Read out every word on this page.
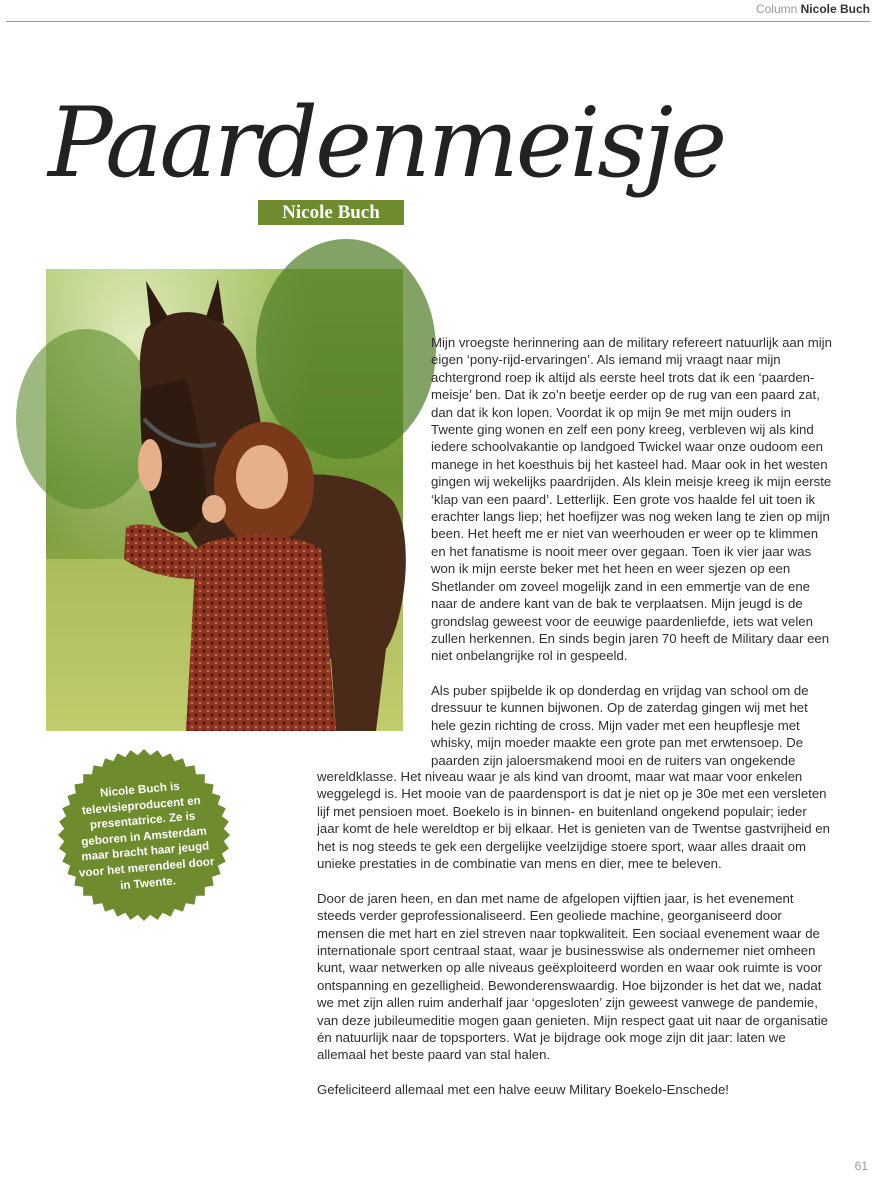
Column Nicole Buch
Paardenmeisje
Nicole Buch

Mijn vroegste herinnering aan de military refereert natuurlijk aan mijn eigen ‘pony-rijd-ervaringen’. Als iemand mij vraagt naar mijn achtergrond roep ik altijd als eerste heel trots dat ik een ‘paarden-meisje’ ben. Dat ik zo’n beetje eerder op de rug van een paard zat, dan dat ik kon lopen. Voordat ik op mijn 9e met mijn ouders in Twente ging wonen en zelf een pony kreeg, verbleven wij als kind iedere schoolvakantie op landgoed Twickel waar onze oudoom een manege in het koesthuis bij het kasteel had. Maar ook in het westen gingen wij wekelijks paardrijden. Als klein meisje kreeg ik mijn eerste ‘klap van een paard’. Letterlijk. Een grote vos haalde fel uit toen ik erachter langs liep; het hoefijzer was nog weken lang te zien op mijn been. Het heeft me er niet van weerhouden er weer op te klimmen en het fanatisme is nooit meer over gegaan. Toen ik vier jaar was won ik mijn eerste beker met het heen en weer sjezen op een Shetlander om zoveel mogelijk zand in een emmertje van de ene naar de andere kant van de bak te verplaatsen. Mijn jeugd is de grondslag geweest voor de eeuwige paardenliefde, iets wat velen zullen herkennen. En sinds begin jaren 70 heeft de Military daar een niet onbelangrijke rol in gespeeld.

Als puber spijbelde ik op donderdag en vrijdag van school om de dressuur te kunnen bijwonen. Op de zaterdag gingen wij met het hele gezin richting de cross. Mijn vader met een heupflesje met whisky, mijn moeder maakte een grote pan met erwtensoep. De paarden zijn jaloersmakend mooi en de ruiters van ongekende

wereldklasse. Het niveau waar je als kind van droomt, maar wat maar voor enkelen weggelegd is. Het mooie van de paardensport is dat je niet op je 30e met een versleten lijf met pensioen moet. Boekelo is in binnen- en buitenland ongekend populair; ieder jaar komt de hele wereldtop er bij elkaar. Het is genieten van de Twentse gastvrijheid en het is nog steeds te gek een dergelijke veelzijdige stoere sport, waar alles draait om unieke prestaties in de combinatie van mens en dier, mee te beleven.

Door de jaren heen, en dan met name de afgelopen vijftien jaar, is het evenement steeds verder geprofessionaliseerd. Een geoliede machine, georganiseerd door mensen die met hart en ziel streven naar topkwaliteit. Een sociaal evenement waar de internationale sport centraal staat, waar je businesswise als ondernemer niet omheen kunt, waar netwerken op alle niveaus geëxploiteerd worden en waar ook ruimte is voor ontspanning en gezelligheid. Bewonderenswaardig. Hoe bijzonder is het dat we, nadat we met zijn allen ruim anderhalf jaar ‘opgesloten’ zijn geweest vanwege de pandemie, van deze jubileumeditie mogen gaan genieten. Mijn respect gaat uit naar de organisatie én natuurlijk naar de topsporters. Wat je bijdrage ook moge zijn dit jaar: laten we allemaal het beste paard van stal halen.

Gefeliciteerd allemaal met een halve eeuw Military Boekelo-Enschede!

Nicole Buch is televisieproducent en presentatrice. Ze is geboren in Amsterdam maar bracht haar jeugd voor het merendeel door in Twente.
61
